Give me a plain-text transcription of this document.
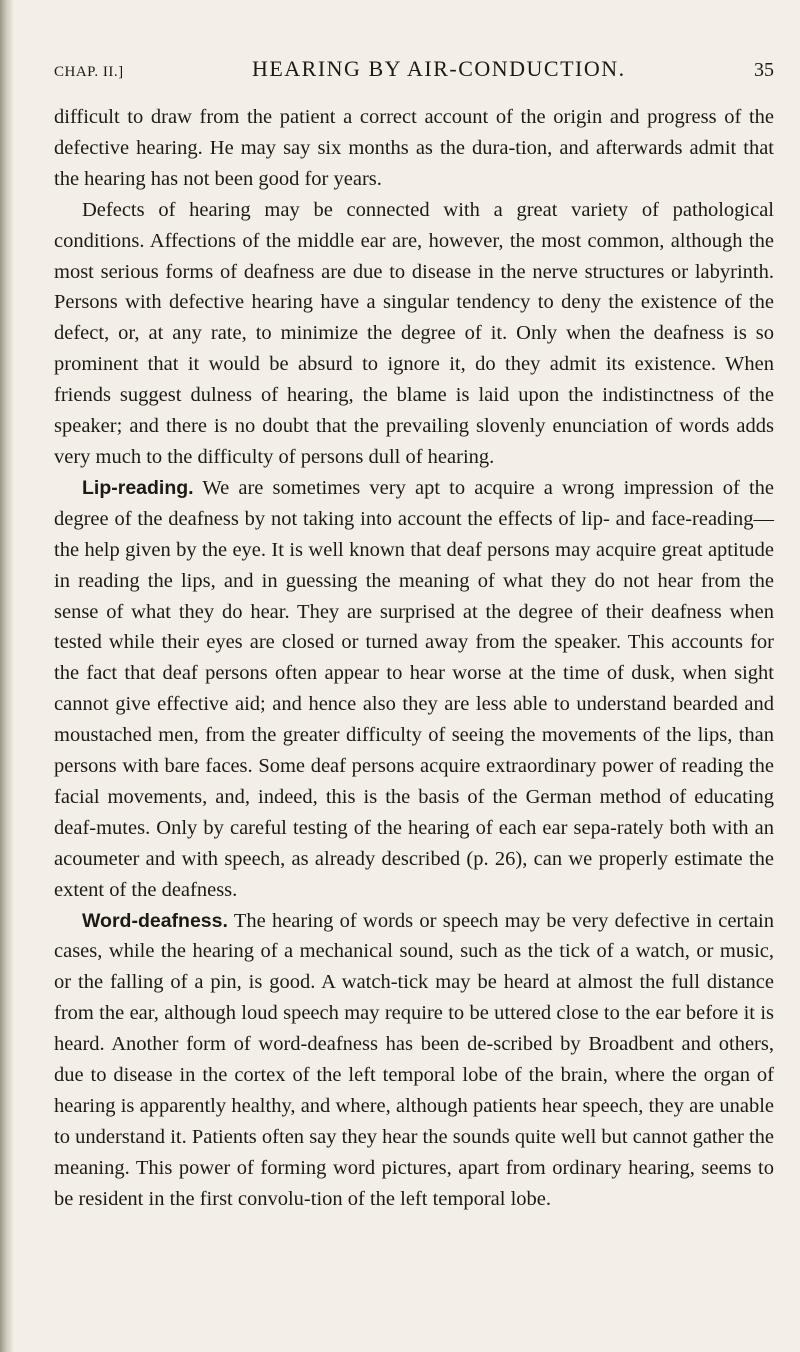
CHAP. II.]	HEARING BY AIR-CONDUCTION.	35

difficult to draw from the patient a correct account of the origin and progress of the defective hearing. He may say six months as the dura-tion, and afterwards admit that the hearing has not been good for years.

Defects of hearing may be connected with a great variety of pathological conditions. Affections of the middle ear are, however, the most common, although the most serious forms of deafness are due to disease in the nerve structures or labyrinth. Persons with defective hearing have a singular tendency to deny the existence of the defect, or, at any rate, to minimize the degree of it. Only when the deafness is so prominent that it would be absurd to ignore it, do they admit its existence. When friends suggest dulness of hearing, the blame is laid upon the indistinctness of the speaker; and there is no doubt that the prevailing slovenly enunciation of words adds very much to the difficulty of persons dull of hearing.

Lip-reading. We are sometimes very apt to acquire a wrong impression of the degree of the deafness by not taking into account the effects of lip- and face-reading—the help given by the eye. It is well known that deaf persons may acquire great aptitude in reading the lips, and in guessing the meaning of what they do not hear from the sense of what they do hear. They are surprised at the degree of their deafness when tested while their eyes are closed or turned away from the speaker. This accounts for the fact that deaf persons often appear to hear worse at the time of dusk, when sight cannot give effective aid; and hence also they are less able to understand bearded and moustached men, from the greater difficulty of seeing the movements of the lips, than persons with bare faces. Some deaf persons acquire extraordinary power of reading the facial movements, and, indeed, this is the basis of the German method of educating deaf-mutes. Only by careful testing of the hearing of each ear sepa-rately both with an acoumeter and with speech, as already described (p. 26), can we properly estimate the extent of the deafness.

Word-deafness. The hearing of words or speech may be very defective in certain cases, while the hearing of a mechanical sound, such as the tick of a watch, or music, or the falling of a pin, is good. A watch-tick may be heard at almost the full distance from the ear, although loud speech may require to be uttered close to the ear before it is heard. Another form of word-deafness has been de-scribed by Broadbent and others, due to disease in the cortex of the left temporal lobe of the brain, where the organ of hearing is apparently healthy, and where, although patients hear speech, they are unable to understand it. Patients often say they hear the sounds quite well but cannot gather the meaning. This power of forming word pictures, apart from ordinary hearing, seems to be resident in the first convolu-tion of the left temporal lobe.
